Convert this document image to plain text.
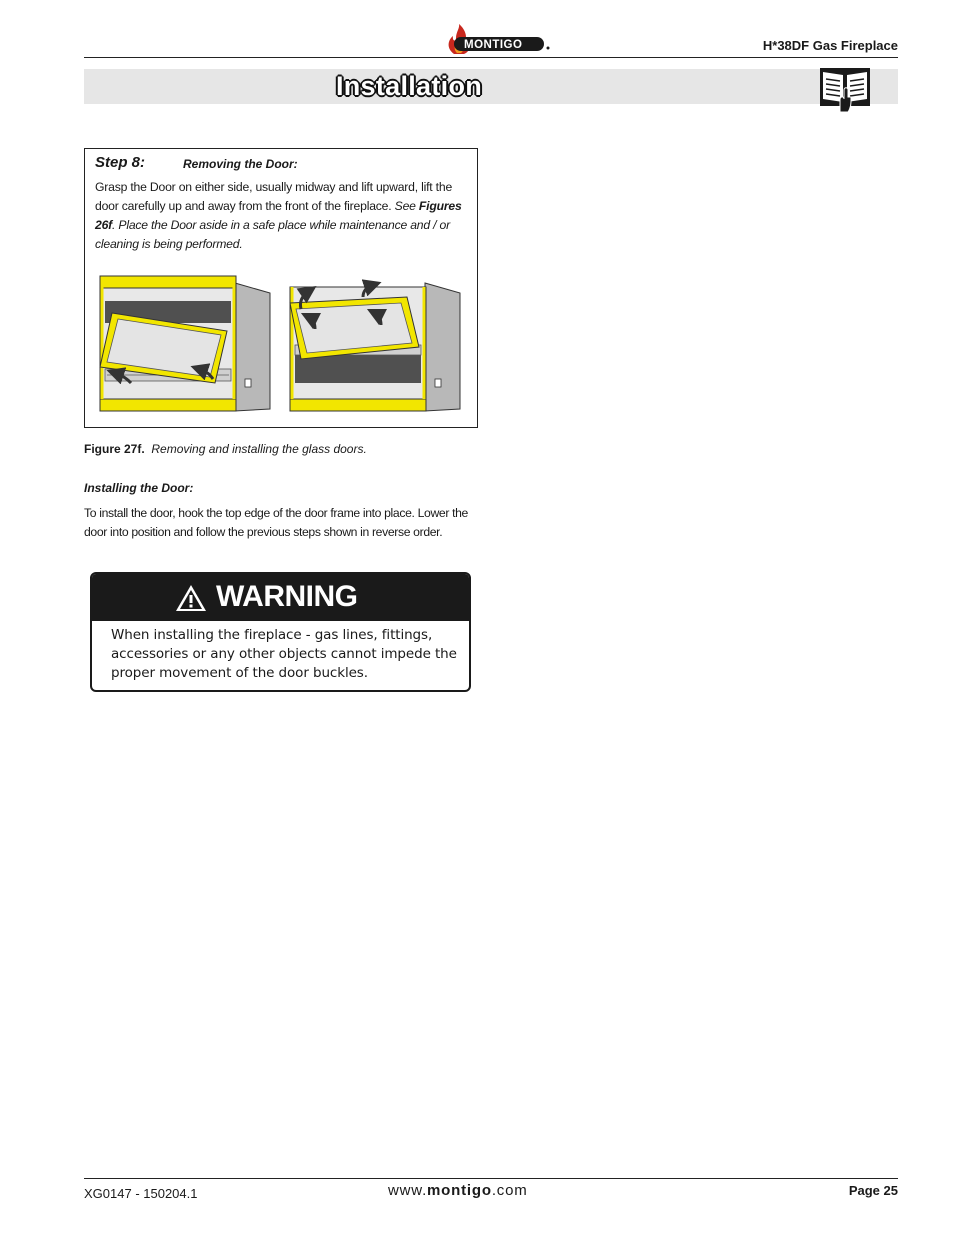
MONTIGO	H*38DF Gas Fireplace
Installation
Step 8:	Removing the Door:
Grasp the Door on either side, usually midway and lift upward, lift the door carefully up and away from the front of the fireplace. See Figures 26f. Place the Door aside in a safe place while maintenance and / or cleaning is being performed.
Figure 27f. Removing and installing the glass doors.
Installing the Door:
To install the door, hook the top edge of the door frame into place. Lower the door into position and follow the previous steps shown in reverse order.
WARNING
When installing the fireplace - gas lines, fittings, accessories or any other objects cannot impede the proper movement of the door buckles.
XG0147 - 150204.1	www.montigo.com	Page 25
